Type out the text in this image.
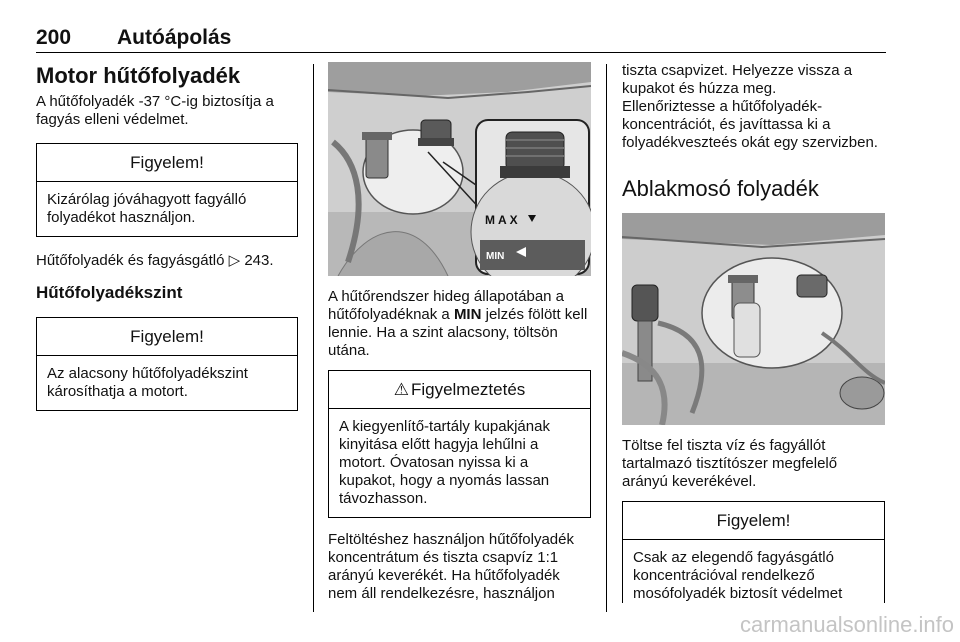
200 Autóápolás
Motor hűtőfolyadék

A hűtőfolyadék -37 °C-ig biztosítja a fagyás elleni védelmet.

Figyelem!
Kizárólag jóváhagyott fagyálló folyadékot használjon.

Hűtőfolyadék és fagyásgátló ▷ 243.

Hűtőfolyadékszint
Figyelem!
Az alacsony hűtőfolyadékszint károsíthatja a motort.
MAX
MIN

A hűtőrendszer hideg állapotában a hűtőfolyadéknak a MIN jelzés fölött kell lennie. Ha a szint alacsony, töltsön utána.

⚠ Figyelmeztetés
A kiegyenlítő-tartály kupakjának kinyitása előtt hagyja lehűlni a motort. Óvatosan nyissa ki a kupakot, hogy a nyomás lassan távozhasson.

Feltöltéshez használjon hűtőfolyadék koncentrátum és tiszta csapvíz 1:1 arányú keverékét. Ha hűtőfolyadék nem áll rendelkezésre, használjon

tiszta csapvizet. Helyezze vissza a kupakot és húzza meg.

Ellenőriztesse a hűtőfolyadék-koncentrációt, és javíttassa ki a folyadékveszteés okát egy szervizben.

Ablakmosó folyadék

Töltse fel tiszta víz és fagyállót tartalmazó tisztítószer megfelelő arányú keverékével.

Figyelem!
Csak az elegendő fagyásgátló koncentrációval rendelkező mosófolyadék biztosít védelmet
carmanualsonline.info
